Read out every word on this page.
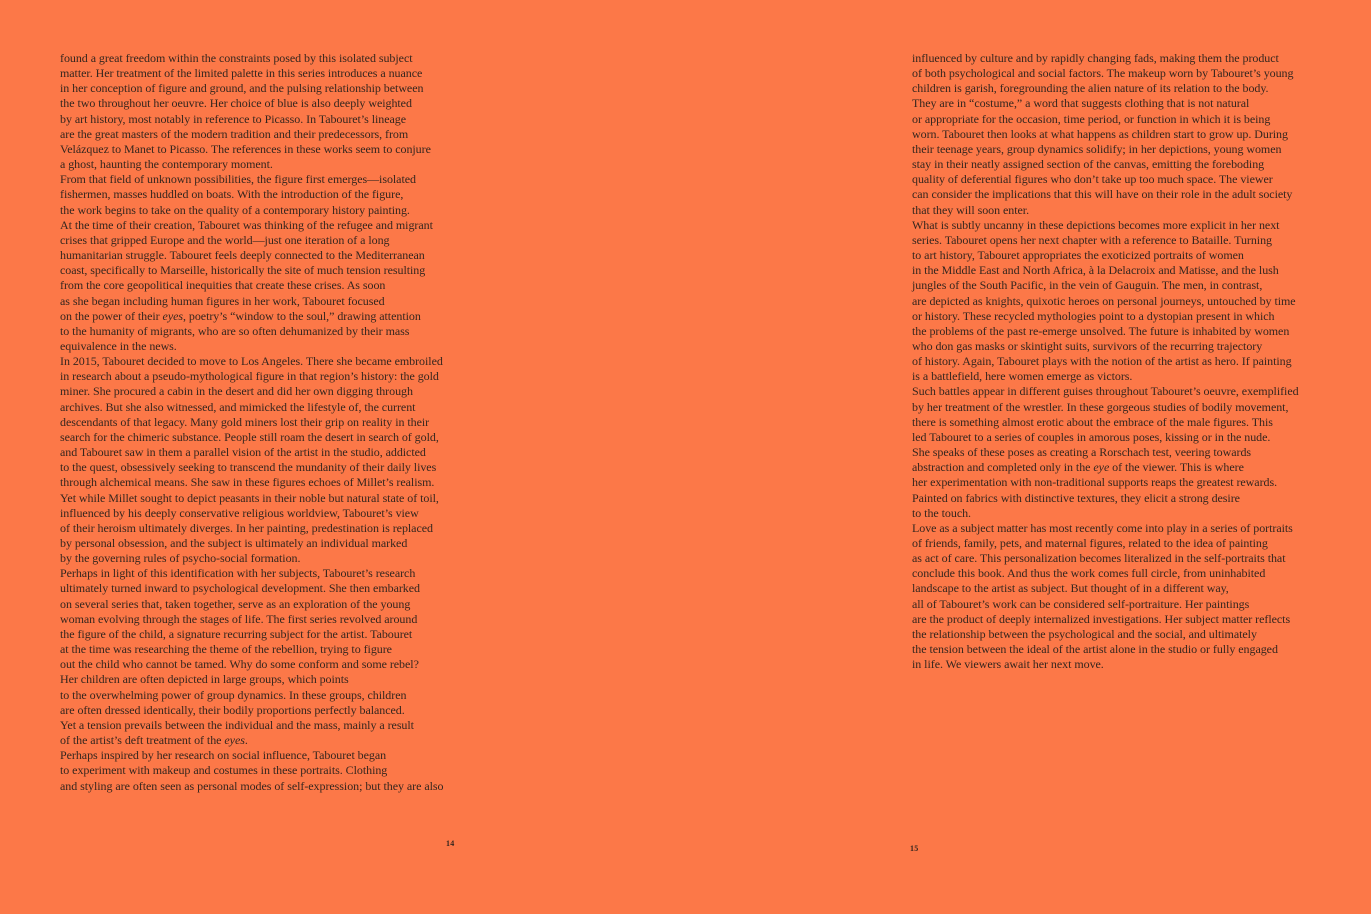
found a great freedom within the constraints posed by this isolated subject
matter. Her treatment of the limited palette in this series introduces a nuance
in her conception of figure and ground, and the pulsing relationship between
the two throughout her oeuvre. Her choice of blue is also deeply weighted
by art history, most notably in reference to Picasso. In Tabouret’s lineage
are the great masters of the modern tradition and their predecessors, from
Velázquez to Manet to Picasso. The references in these works seem to conjure
a ghost, haunting the contemporary moment.
From that field of unknown possibilities, the figure first emerges—isolated
fishermen, masses huddled on boats. With the introduction of the figure,
the work begins to take on the quality of a contemporary history painting.
At the time of their creation, Tabouret was thinking of the refugee and migrant
crises that gripped Europe and the world—just one iteration of a long
humanitarian struggle. Tabouret feels deeply connected to the Mediterranean
coast, specifically to Marseille, historically the site of much tension resulting
from the core geopolitical inequities that create these crises. As soon
as she began including human figures in her work, Tabouret focused
on the power of their eyes, poetry’s “window to the soul,” drawing attention
to the humanity of migrants, who are so often dehumanized by their mass
equivalence in the news.
In 2015, Tabouret decided to move to Los Angeles. There she became embroiled
in research about a pseudo-mythological figure in that region’s history: the gold
miner. She procured a cabin in the desert and did her own digging through
archives. But she also witnessed, and mimicked the lifestyle of, the current
descendants of that legacy. Many gold miners lost their grip on reality in their
search for the chimeric substance. People still roam the desert in search of gold,
and Tabouret saw in them a parallel vision of the artist in the studio, addicted
to the quest, obsessively seeking to transcend the mundanity of their daily lives
through alchemical means. She saw in these figures echoes of Millet’s realism.
Yet while Millet sought to depict peasants in their noble but natural state of toil,
influenced by his deeply conservative religious worldview, Tabouret’s view
of their heroism ultimately diverges. In her painting, predestination is replaced
by personal obsession, and the subject is ultimately an individual marked
by the governing rules of psycho-social formation.
Perhaps in light of this identification with her subjects, Tabouret’s research
ultimately turned inward to psychological development. She then embarked
on several series that, taken together, serve as an exploration of the young
woman evolving through the stages of life. The first series revolved around
the figure of the child, a signature recurring subject for the artist. Tabouret
at the time was researching the theme of the rebellion, trying to figure
out the child who cannot be tamed. Why do some conform and some rebel?
Her children are often depicted in large groups, which points
to the overwhelming power of group dynamics. In these groups, children
are often dressed identically, their bodily proportions perfectly balanced.
Yet a tension prevails between the individual and the mass, mainly a result
of the artist’s deft treatment of the eyes.
Perhaps inspired by her research on social influence, Tabouret began
to experiment with makeup and costumes in these portraits. Clothing
and styling are often seen as personal modes of self-expression; but they are also
14
influenced by culture and by rapidly changing fads, making them the product
of both psychological and social factors. The makeup worn by Tabouret’s young
children is garish, foregrounding the alien nature of its relation to the body.
They are in “costume,” a word that suggests clothing that is not natural
or appropriate for the occasion, time period, or function in which it is being
worn. Tabouret then looks at what happens as children start to grow up. During
their teenage years, group dynamics solidify; in her depictions, young women
stay in their neatly assigned section of the canvas, emitting the foreboding
quality of deferential figures who don’t take up too much space. The viewer
can consider the implications that this will have on their role in the adult society
that they will soon enter.
What is subtly uncanny in these depictions becomes more explicit in her next
series. Tabouret opens her next chapter with a reference to Bataille. Turning
to art history, Tabouret appropriates the exoticized portraits of women
in the Middle East and North Africa, à la Delacroix and Matisse, and the lush
jungles of the South Pacific, in the vein of Gauguin. The men, in contrast,
are depicted as knights, quixotic heroes on personal journeys, untouched by time
or history. These recycled mythologies point to a dystopian present in which
the problems of the past re-emerge unsolved. The future is inhabited by women
who don gas masks or skintight suits, survivors of the recurring trajectory
of history. Again, Tabouret plays with the notion of the artist as hero. If painting
is a battlefield, here women emerge as victors.
Such battles appear in different guises throughout Tabouret’s oeuvre, exemplified
by her treatment of the wrestler. In these gorgeous studies of bodily movement,
there is something almost erotic about the embrace of the male figures. This
led Tabouret to a series of couples in amorous poses, kissing or in the nude.
She speaks of these poses as creating a Rorschach test, veering towards
abstraction and completed only in the eye of the viewer. This is where
her experimentation with non-traditional supports reaps the greatest rewards.
Painted on fabrics with distinctive textures, they elicit a strong desire
to the touch.
Love as a subject matter has most recently come into play in a series of portraits
of friends, family, pets, and maternal figures, related to the idea of painting
as act of care. This personalization becomes literalized in the self-portraits that
conclude this book. And thus the work comes full circle, from uninhabited
landscape to the artist as subject. But thought of in a different way,
all of Tabouret’s work can be considered self-portraiture. Her paintings
are the product of deeply internalized investigations. Her subject matter reflects
the relationship between the psychological and the social, and ultimately
the tension between the ideal of the artist alone in the studio or fully engaged
in life. We viewers await her next move.
15
